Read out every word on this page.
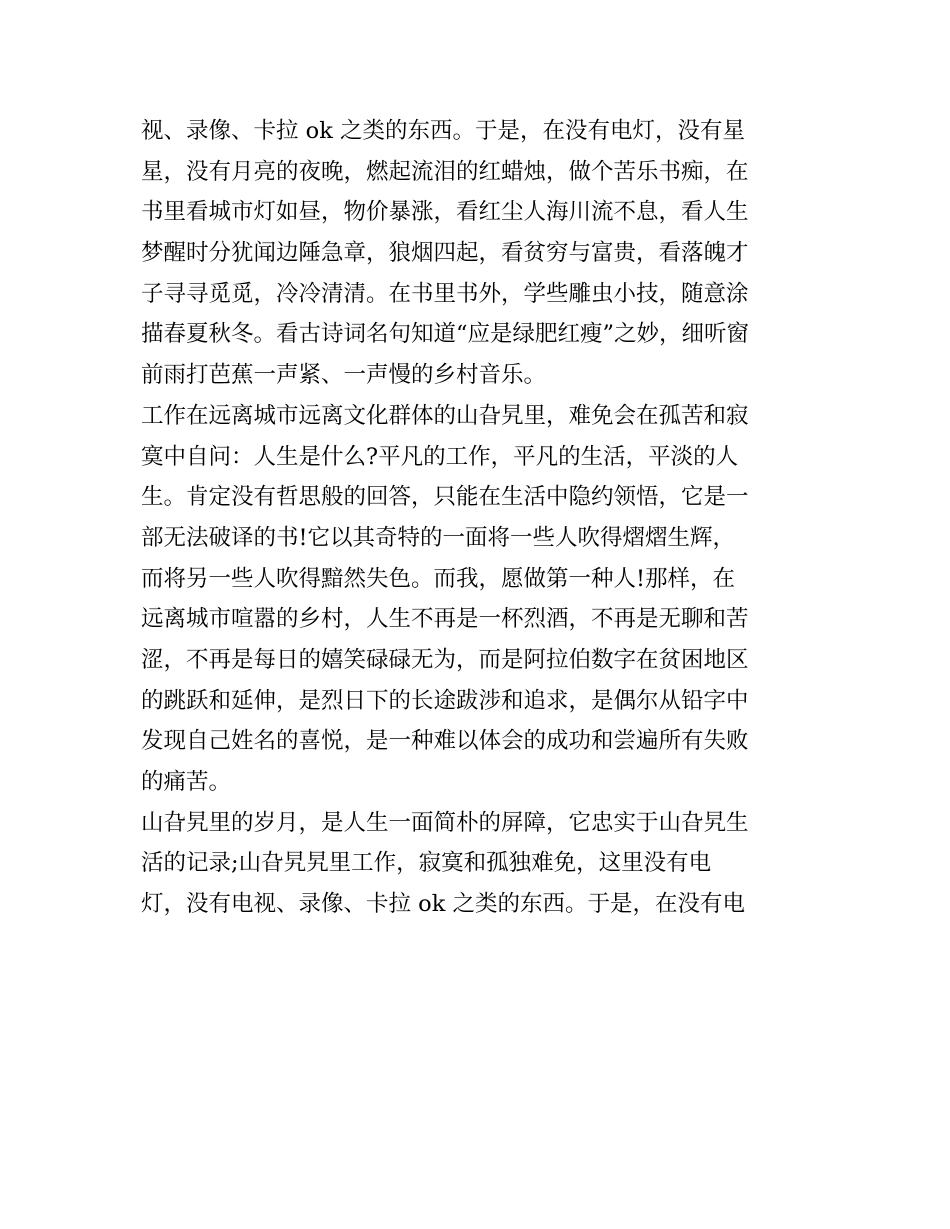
视、录像、卡拉 ok 之类的东西。于是，在没有电灯，没有星
星，没有月亮的夜晚，燃起流泪的红蜡烛，做个苦乐书痴，在
书里看城市灯如昼，物价暴涨，看红尘人海川流不息，看人生
梦醒时分犹闻边陲急章，狼烟四起，看贫穷与富贵，看落魄才
子寻寻觅觅，冷冷清清。在书里书外，学些雕虫小技，随意涂
描春夏秋冬。看古诗词名句知道“应是绿肥红瘦”之妙，细听窗
前雨打芭蕉一声紧、一声慢的乡村音乐。
工作在远离城市远离文化群体的山旮旯里，难免会在孤苦和寂
寞中自问：人生是什么?平凡的工作，平凡的生活，平淡的人
生。肯定没有哲思般的回答，只能在生活中隐约领悟，它是一
部无法破译的书!它以其奇特的一面将一些人吹得熠熠生辉，
而将另一些人吹得黯然失色。而我，愿做第一种人!那样，在
远离城市喧嚣的乡村，人生不再是一杯烈酒，不再是无聊和苦
涩，不再是每日的嬉笑碌碌无为，而是阿拉伯数字在贫困地区
的跳跃和延伸，是烈日下的长途跋涉和追求，是偶尔从铅字中
发现自己姓名的喜悦，是一种难以体会的成功和尝遍所有失败
的痛苦。
山旮旯里的岁月，是人生一面简朴的屏障，它忠实于山旮旯生
活的记录;山旮旯旯里工作，寂寞和孤独难免，这里没有电
灯，没有电视、录像、卡拉 ok 之类的东西。于是，在没有电
